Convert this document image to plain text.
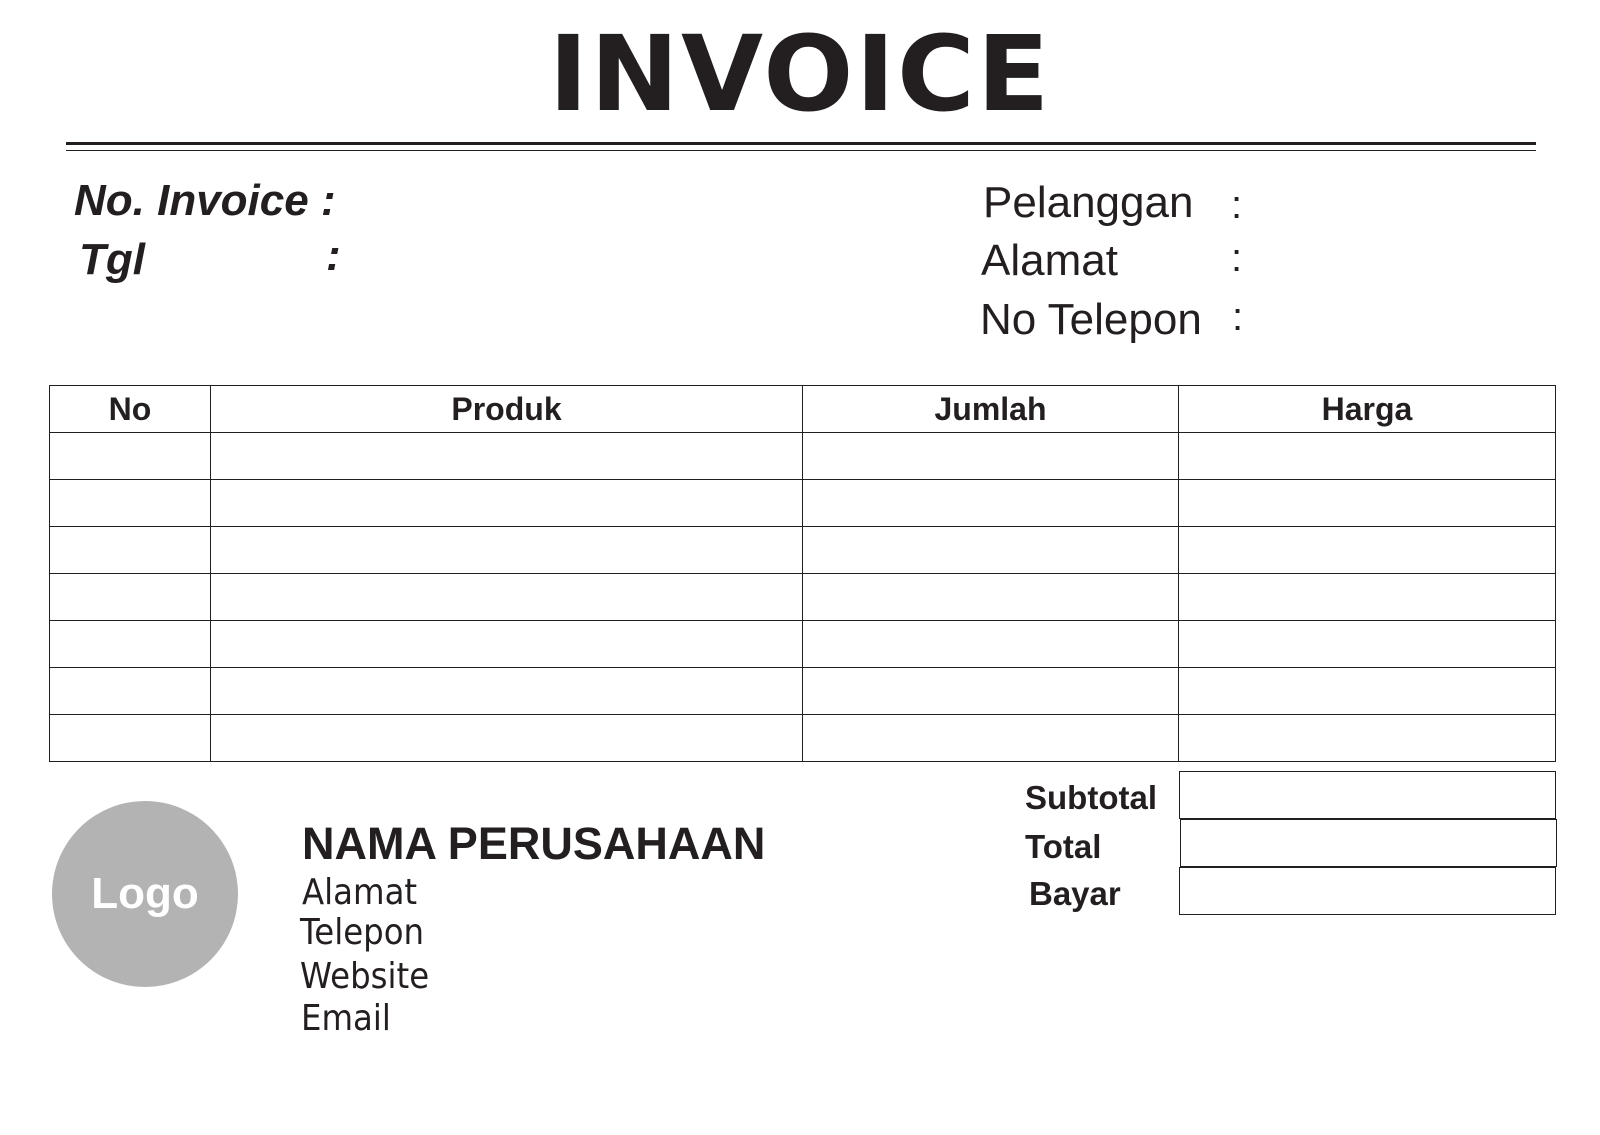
INVOICE
No. Invoice :
Tgl	:
Pelanggan :
Alamat	:
No Telepon :
No	Produk	Jumlah	Harga

Subtotal
Total
Bayar
Logo
NAMA PERUSAHAAN
Alamat
Telepon
Website
Email
